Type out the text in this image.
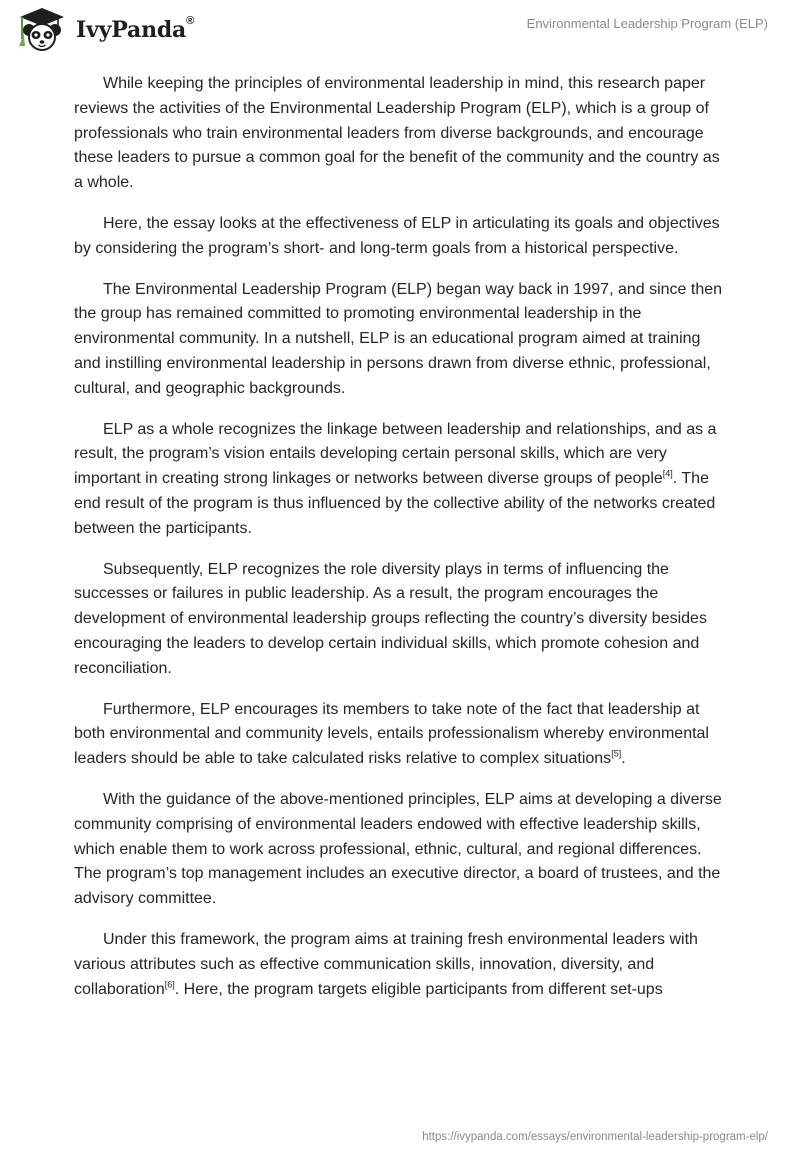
IvyPanda®	Environmental Leadership Program (ELP)

While keeping the principles of environmental leadership in mind, this research paper reviews the activities of the Environmental Leadership Program (ELP), which is a group of professionals who train environmental leaders from diverse backgrounds, and encourage these leaders to pursue a common goal for the benefit of the community and the country as a whole.

Here, the essay looks at the effectiveness of ELP in articulating its goals and objectives by considering the program’s short- and long-term goals from a historical perspective.

The Environmental Leadership Program (ELP) began way back in 1997, and since then the group has remained committed to promoting environmental leadership in the environmental community. In a nutshell, ELP is an educational program aimed at training and instilling environmental leadership in persons drawn from diverse ethnic, professional, cultural, and geographic backgrounds.

ELP as a whole recognizes the linkage between leadership and relationships, and as a result, the program’s vision entails developing certain personal skills, which are very important in creating strong linkages or networks between diverse groups of people[4]. The end result of the program is thus influenced by the collective ability of the networks created between the participants.

Subsequently, ELP recognizes the role diversity plays in terms of influencing the successes or failures in public leadership. As a result, the program encourages the development of environmental leadership groups reflecting the country’s diversity besides encouraging the leaders to develop certain individual skills, which promote cohesion and reconciliation.

Furthermore, ELP encourages its members to take note of the fact that leadership at both environmental and community levels, entails professionalism whereby environmental leaders should be able to take calculated risks relative to complex situations[5].

With the guidance of the above-mentioned principles, ELP aims at developing a diverse community comprising of environmental leaders endowed with effective leadership skills, which enable them to work across professional, ethnic, cultural, and regional differences. The program’s top management includes an executive director, a board of trustees, and the advisory committee.

Under this framework, the program aims at training fresh environmental leaders with various attributes such as effective communication skills, innovation, diversity, and collaboration[6]. Here, the program targets eligible participants from different set-ups

https://ivypanda.com/essays/environmental-leadership-program-elp/
